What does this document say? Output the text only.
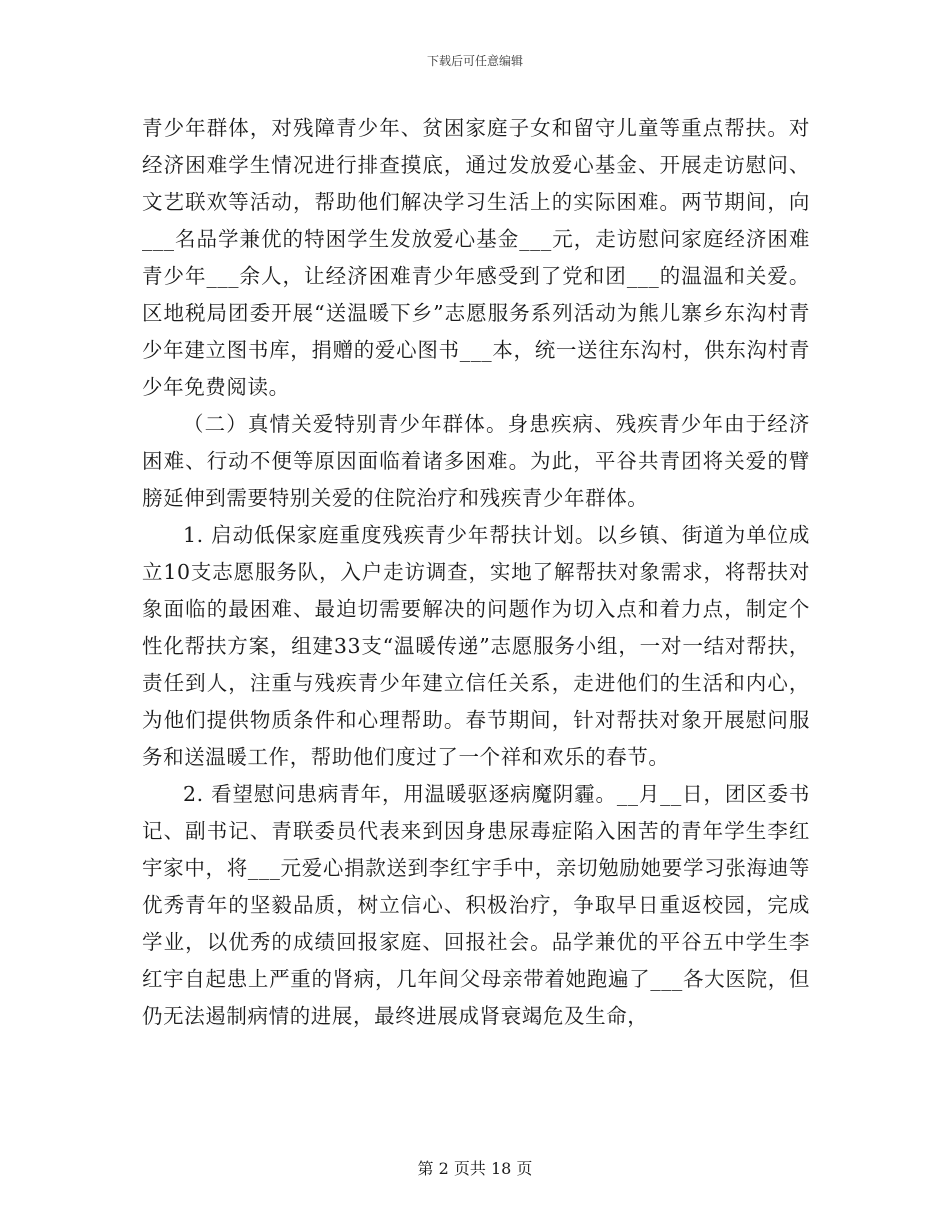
下载后可任意编辑

青少年群体，对残障青少年、贫困家庭子女和留守儿童等重点帮扶。对经济困难学生情况进行排查摸底，通过发放爱心基金、开展走访慰问、文艺联欢等活动，帮助他们解决学习生活上的实际困难。两节期间，向___名品学兼优的特困学生发放爱心基金___元，走访慰问家庭经济困难青少年___余人，让经济困难青少年感受到了党和团___的温温和关爱。区地税局团委开展“送温暖下乡”志愿服务系列活动为熊儿寨乡东沟村青少年建立图书库，捐赠的爱心图书___本，统一送往东沟村，供东沟村青少年免费阅读。

（二）真情关爱特别青少年群体。身患疾病、残疾青少年由于经济困难、行动不便等原因面临着诸多困难。为此，平谷共青团将关爱的臂膀延伸到需要特别关爱的住院治疗和残疾青少年群体。

1. 启动低保家庭重度残疾青少年帮扶计划。以乡镇、街道为单位成立10支志愿服务队，入户走访调查，实地了解帮扶对象需求，将帮扶对象面临的最困难、最迫切需要解决的问题作为切入点和着力点，制定个性化帮扶方案，组建33支“温暖传递”志愿服务小组，一对一结对帮扶，责任到人，注重与残疾青少年建立信任关系，走进他们的生活和内心，为他们提供物质条件和心理帮助。春节期间，针对帮扶对象开展慰问服务和送温暖工作，帮助他们度过了一个祥和欢乐的春节。

2. 看望慰问患病青年，用温暖驱逐病魔阴霾。__月__日，团区委书记、副书记、青联委员代表来到因身患尿毒症陷入困苦的青年学生李红宇家中，将___元爱心捐款送到李红宇手中，亲切勉励她要学习张海迪等优秀青年的坚毅品质，树立信心、积极治疗，争取早日重返校园，完成学业，以优秀的成绩回报家庭、回报社会。品学兼优的平谷五中学生李红宇自起患上严重的肾病，几年间父母亲带着她跑遍了___各大医院，但仍无法遏制病情的进展，最终进展成肾衰竭危及生命，

第 2 页共 18 页
